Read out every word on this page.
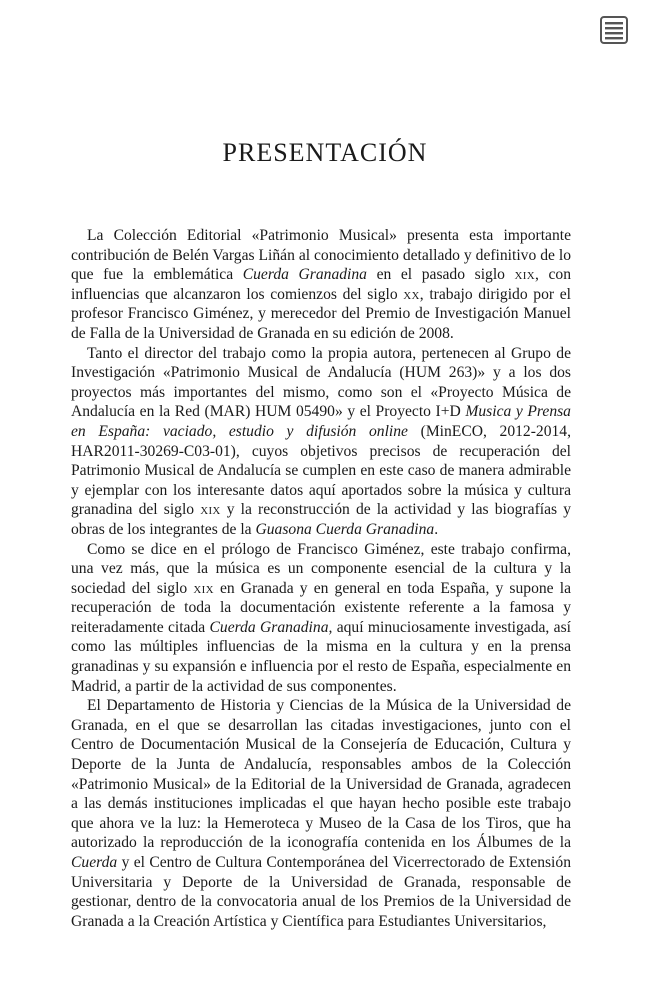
PRESENTACIÓN

La Colección Editorial «Patrimonio Musical» presenta esta importante contribución de Belén Vargas Liñán al conocimiento detallado y definitivo de lo que fue la emblemática Cuerda Granadina en el pasado siglo xix, con influencias que alcanzaron los comienzos del siglo xx, trabajo dirigido por el profesor Francisco Giménez, y merecedor del Premio de Investigación Manuel de Falla de la Universidad de Granada en su edición de 2008.

Tanto el director del trabajo como la propia autora, pertenecen al Grupo de Investigación «Patrimonio Musical de Andalucía (HUM 263)» y a los dos proyectos más importantes del mismo, como son el «Proyecto Música de Andalucía en la Red (MAR) HUM 05490» y el Proyecto I+D Musica y Prensa en España: vaciado, estudio y difusión online (MinECO, 2012-2014, HAR2011-30269-C03-01), cuyos objetivos precisos de recuperación del Patrimonio Musical de Andalucía se cumplen en este caso de manera admirable y ejemplar con los interesante datos aquí aportados sobre la música y cultura granadina del siglo xix y la reconstrucción de la actividad y las biografías y obras de los integrantes de la Guasona Cuerda Granadina.

Como se dice en el prólogo de Francisco Giménez, este trabajo confirma, una vez más, que la música es un componente esencial de la cultura y la sociedad del siglo xix en Granada y en general en toda España, y supone la recuperación de toda la documentación existente referente a la famosa y reiteradamente citada Cuerda Granadina, aquí minuciosamente investigada, así como las múltiples influencias de la misma en la cultura y en la prensa granadinas y su expansión e influencia por el resto de España, especialmente en Madrid, a partir de la actividad de sus componentes.

El Departamento de Historia y Ciencias de la Música de la Universidad de Granada, en el que se desarrollan las citadas investigaciones, junto con el Centro de Documentación Musical de la Consejería de Educación, Cultura y Deporte de la Junta de Andalucía, responsables ambos de la Colección «Patrimonio Musical» de la Editorial de la Universidad de Granada, agradecen a las demás instituciones implicadas el que hayan hecho posible este trabajo que ahora ve la luz: la Hemeroteca y Museo de la Casa de los Tiros, que ha autorizado la reproducción de la iconografía contenida en los Álbumes de la Cuerda y el Centro de Cultura Contemporánea del Vicerrectorado de Extensión Universitaria y Deporte de la Universidad de Granada, responsable de gestionar, dentro de la convocatoria anual de los Premios de la Universidad de Granada a la Creación Artística y Científica para Estudiantes Universitarios,
